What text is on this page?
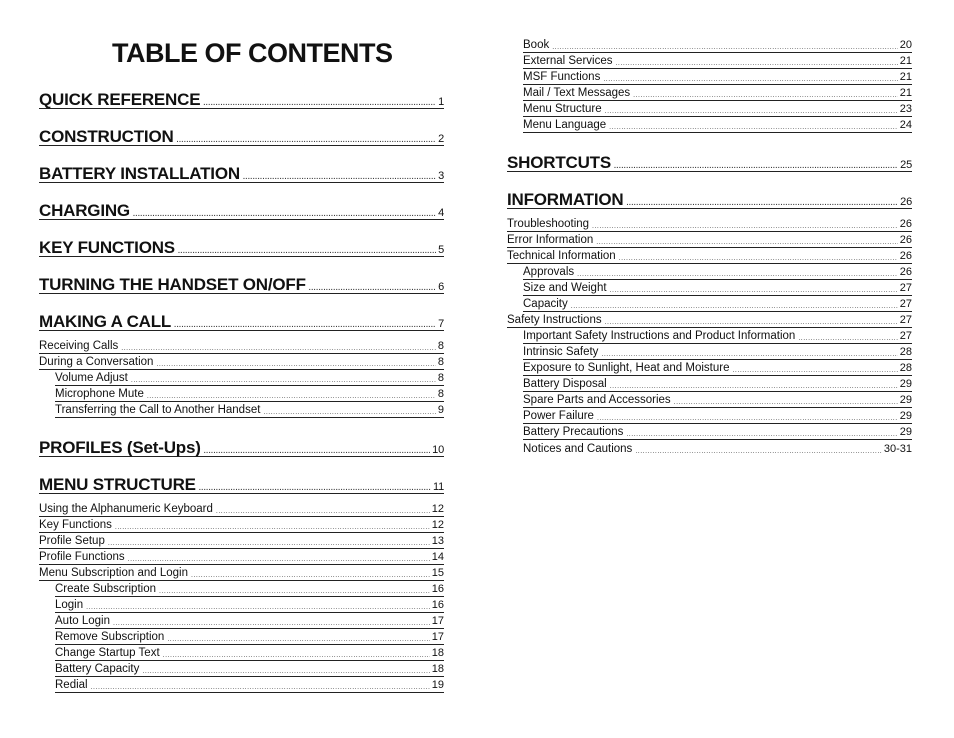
TABLE OF CONTENTS
QUICK REFERENCE .....	1
CONSTRUCTION .....	2
BATTERY INSTALLATION .....	3
CHARGING .....	4
KEY FUNCTIONS .....	5
TURNING THE HANDSET ON/OFF .....	6
MAKING A CALL .....	7
Receiving Calls .....	8
During a Conversation .....	8
Volume Adjust .....	8
Microphone Mute .....	8
Transferring the Call to Another Handset .....	9
PROFILES (Set-Ups) .....	10
MENU STRUCTURE .....	11
Using the Alphanumeric Keyboard .....	12
Key Functions .....	12
Profile Setup .....	13
Profile Functions .....	14
Menu Subscription and Login .....	15
Create Subscription .....	16
Login .....	16
Auto Login .....	17
Remove Subscription .....	17
Change Startup Text .....	18
Battery Capacity .....	18
Redial .....	19
Book .....	20
External Services .....	21
MSF Functions .....	21
Mail / Text Messages .....	21
Menu Structure .....	23
Menu Language .....	24
SHORTCUTS .....	25
INFORMATION .....	26
Troubleshooting .....	26
Error Information .....	26
Technical Information .....	26
Approvals .....	26
Size and Weight .....	27
Capacity .....	27
Safety Instructions .....	27
Important Safety Instructions and Product Information .....	27
Intrinsic Safety .....	28
Exposure to Sunlight, Heat and Moisture .....	28
Battery Disposal .....	29
Spare Parts and Accessories .....	29
Power Failure .....	29
Battery Precautions .....	29
Notices and Cautions .....	30-31
